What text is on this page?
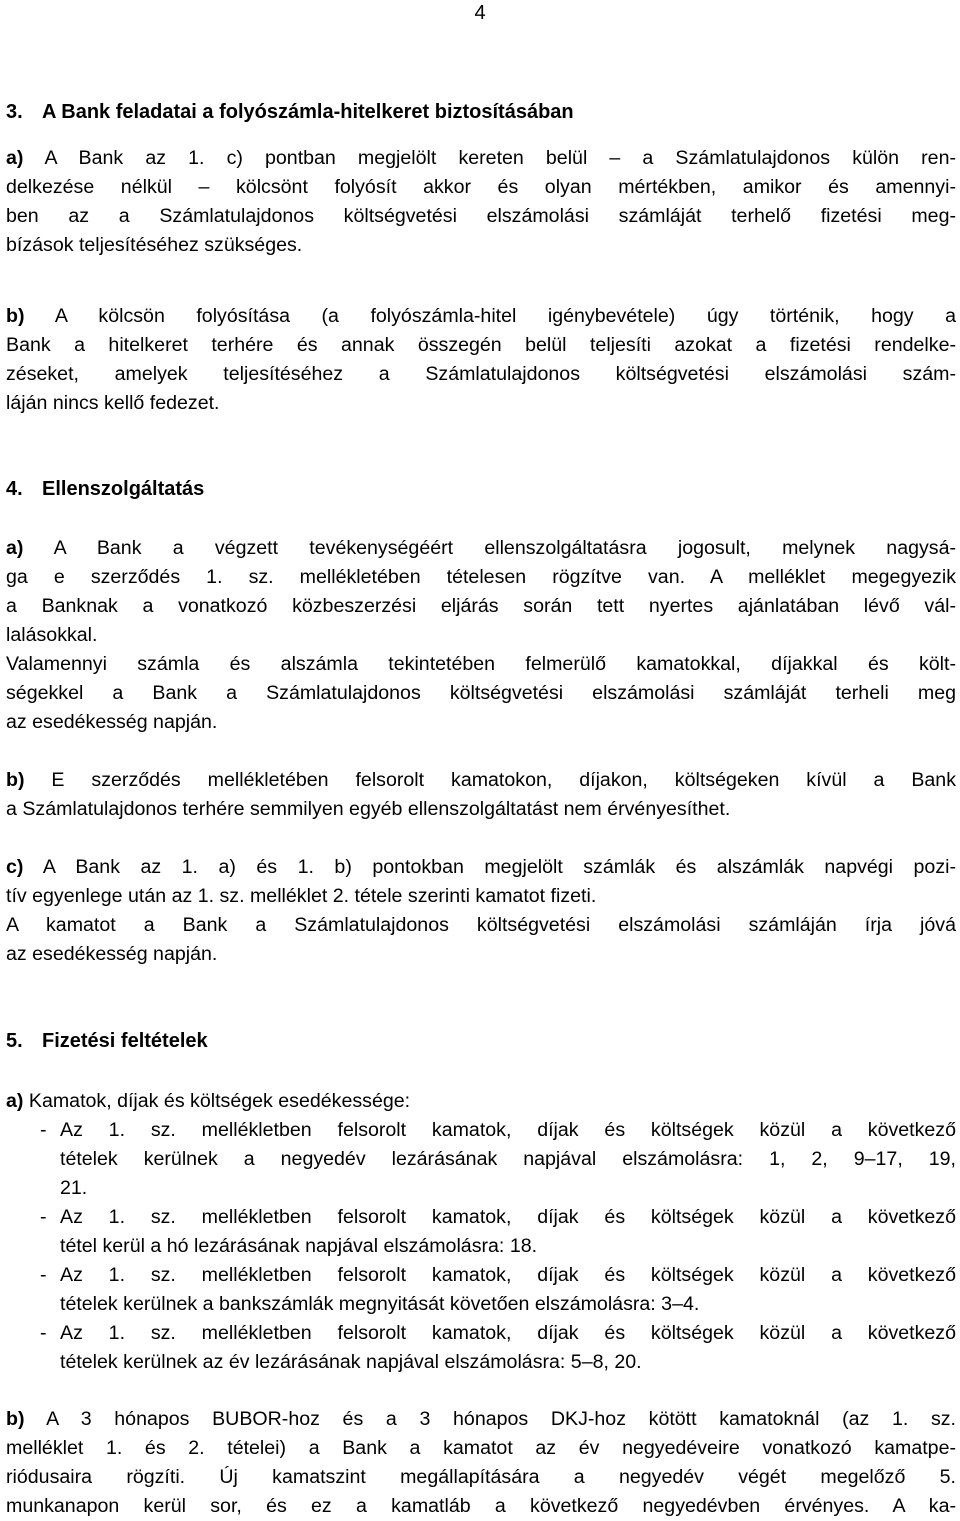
4
3. A Bank feladatai a folyószámla-hitelkeret biztosításában
a) A Bank az 1. c) pontban megjelölt kereten belül – a Számlatulajdonos külön ren-
delkezése nélkül – kölcsönt folyósít akkor és olyan mértékben, amikor és amennyi-
ben az a Számlatulajdonos költségvetési elszámolási számláját terhelő fizetési meg-
bízások teljesítéséhez szükséges.
b) A kölcsön folyósítása (a folyószámla-hitel igénybevétele) úgy történik, hogy a
Bank a hitelkeret terhére és annak összegén belül teljesíti azokat a fizetési rendelke-
zéseket, amelyek teljesítéséhez a Számlatulajdonos költségvetési elszámolási szám-
láján nincs kellő fedezet.
4. Ellenszolgáltatás
a) A Bank a végzett tevékenységéért ellenszolgáltatásra jogosult, melynek nagysá-
ga e szerződés 1. sz. mellékletében tételesen rögzítve van. A melléklet megegyezik
a Banknak a vonatkozó közbeszerzési eljárás során tett nyertes ajánlatában lévő vál-
lalásokkal.
Valamennyi számla és alszámla tekintetében felmerülő kamatokkal, díjakkal és költ-
ségekkel a Bank a Számlatulajdonos költségvetési elszámolási számláját terheli meg
az esedékesség napján.
b) E szerződés mellékletében felsorolt kamatokon, díjakon, költségeken kívül a Bank
a Számlatulajdonos terhére semmilyen egyéb ellenszolgáltatást nem érvényesíthet.
c) A Bank az 1. a) és 1. b) pontokban megjelölt számlák és alszámlák napvégi pozi-
tív egyenlege után az 1. sz. melléklet 2. tétele szerinti kamatot fizeti.
A kamatot a Bank a Számlatulajdonos költségvetési elszámolási számláján írja jóvá
az esedékesség napján.
5. Fizetési feltételek
a) Kamatok, díjak és költségek esedékessége:
- Az 1. sz. mellékletben felsorolt kamatok, díjak és költségek közül a következő
tételek kerülnek a negyedév lezárásának napjával elszámolásra: 1, 2, 9–17, 19,
21.
- Az 1. sz. mellékletben felsorolt kamatok, díjak és költségek közül a következő
tétel kerül a hó lezárásának napjával elszámolásra: 18.
- Az 1. sz. mellékletben felsorolt kamatok, díjak és költségek közül a következő
tételek kerülnek a bankszámlák megnyitását követően elszámolásra: 3–4.
- Az 1. sz. mellékletben felsorolt kamatok, díjak és költségek közül a következő
tételek kerülnek az év lezárásának napjával elszámolásra: 5–8, 20.
b) A 3 hónapos BUBOR-hoz és a 3 hónapos DKJ-hoz kötött kamatoknál (az 1. sz.
melléklet 1. és 2. tételei) a Bank a kamatot az év negyedéveire vonatkozó kamatpe-
riódusaira rögzíti. Új kamatszint megállapítására a negyedév végét megelőző 5.
munkanapon kerül sor, és ez a kamatláb a következő negyedévben érvényes. A ka-
